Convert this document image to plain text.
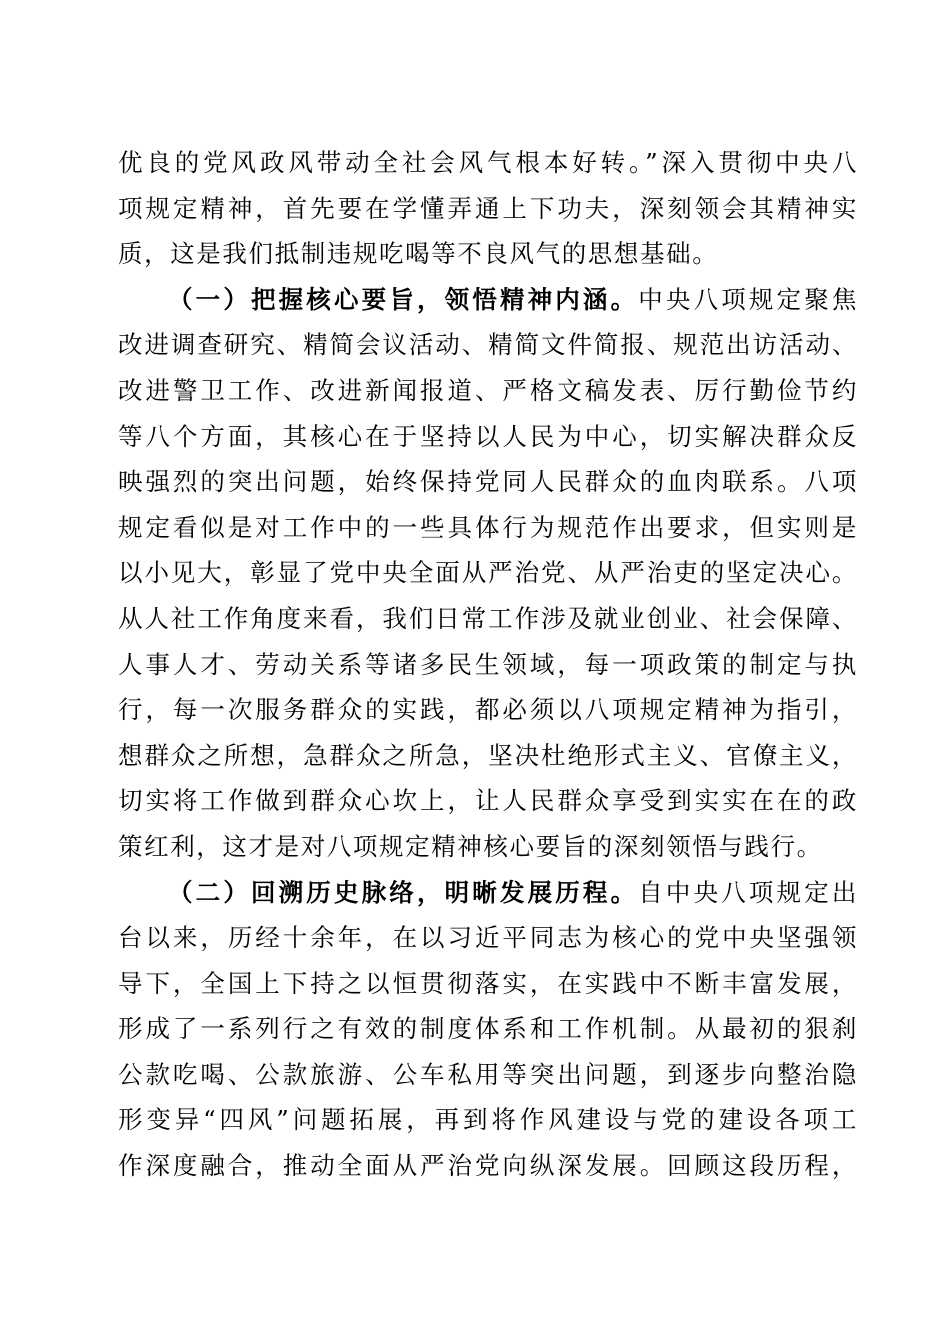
优良的党风政风带动全社会风气根本好转。”深入贯彻中央八
项规定精神，首先要在学懂弄通上下功夫，深刻领会其精神实
质，这是我们抵制违规吃喝等不良风气的思想基础。
（一）把握核心要旨，领悟精神内涵。中央八项规定聚焦
改进调查研究、精简会议活动、精简文件简报、规范出访活动、
改进警卫工作、改进新闻报道、严格文稿发表、厉行勤俭节约
等八个方面，其核心在于坚持以人民为中心，切实解决群众反
映强烈的突出问题，始终保持党同人民群众的血肉联系。八项
规定看似是对工作中的一些具体行为规范作出要求，但实则是
以小见大，彰显了党中央全面从严治党、从严治吏的坚定决心。
从人社工作角度来看，我们日常工作涉及就业创业、社会保障、
人事人才、劳动关系等诸多民生领域，每一项政策的制定与执
行，每一次服务群众的实践，都必须以八项规定精神为指引，
想群众之所想，急群众之所急，坚决杜绝形式主义、官僚主义，
切实将工作做到群众心坎上，让人民群众享受到实实在在的政
策红利，这才是对八项规定精神核心要旨的深刻领悟与践行。
（二）回溯历史脉络，明晰发展历程。自中央八项规定出
台以来，历经十余年，在以习近平同志为核心的党中央坚强领
导下，全国上下持之以恒贯彻落实，在实践中不断丰富发展，
形成了一系列行之有效的制度体系和工作机制。从最初的狠刹
公款吃喝、公款旅游、公车私用等突出问题，到逐步向整治隐
形变异“四风”问题拓展，再到将作风建设与党的建设各项工
作深度融合，推动全面从严治党向纵深发展。回顾这段历程，
